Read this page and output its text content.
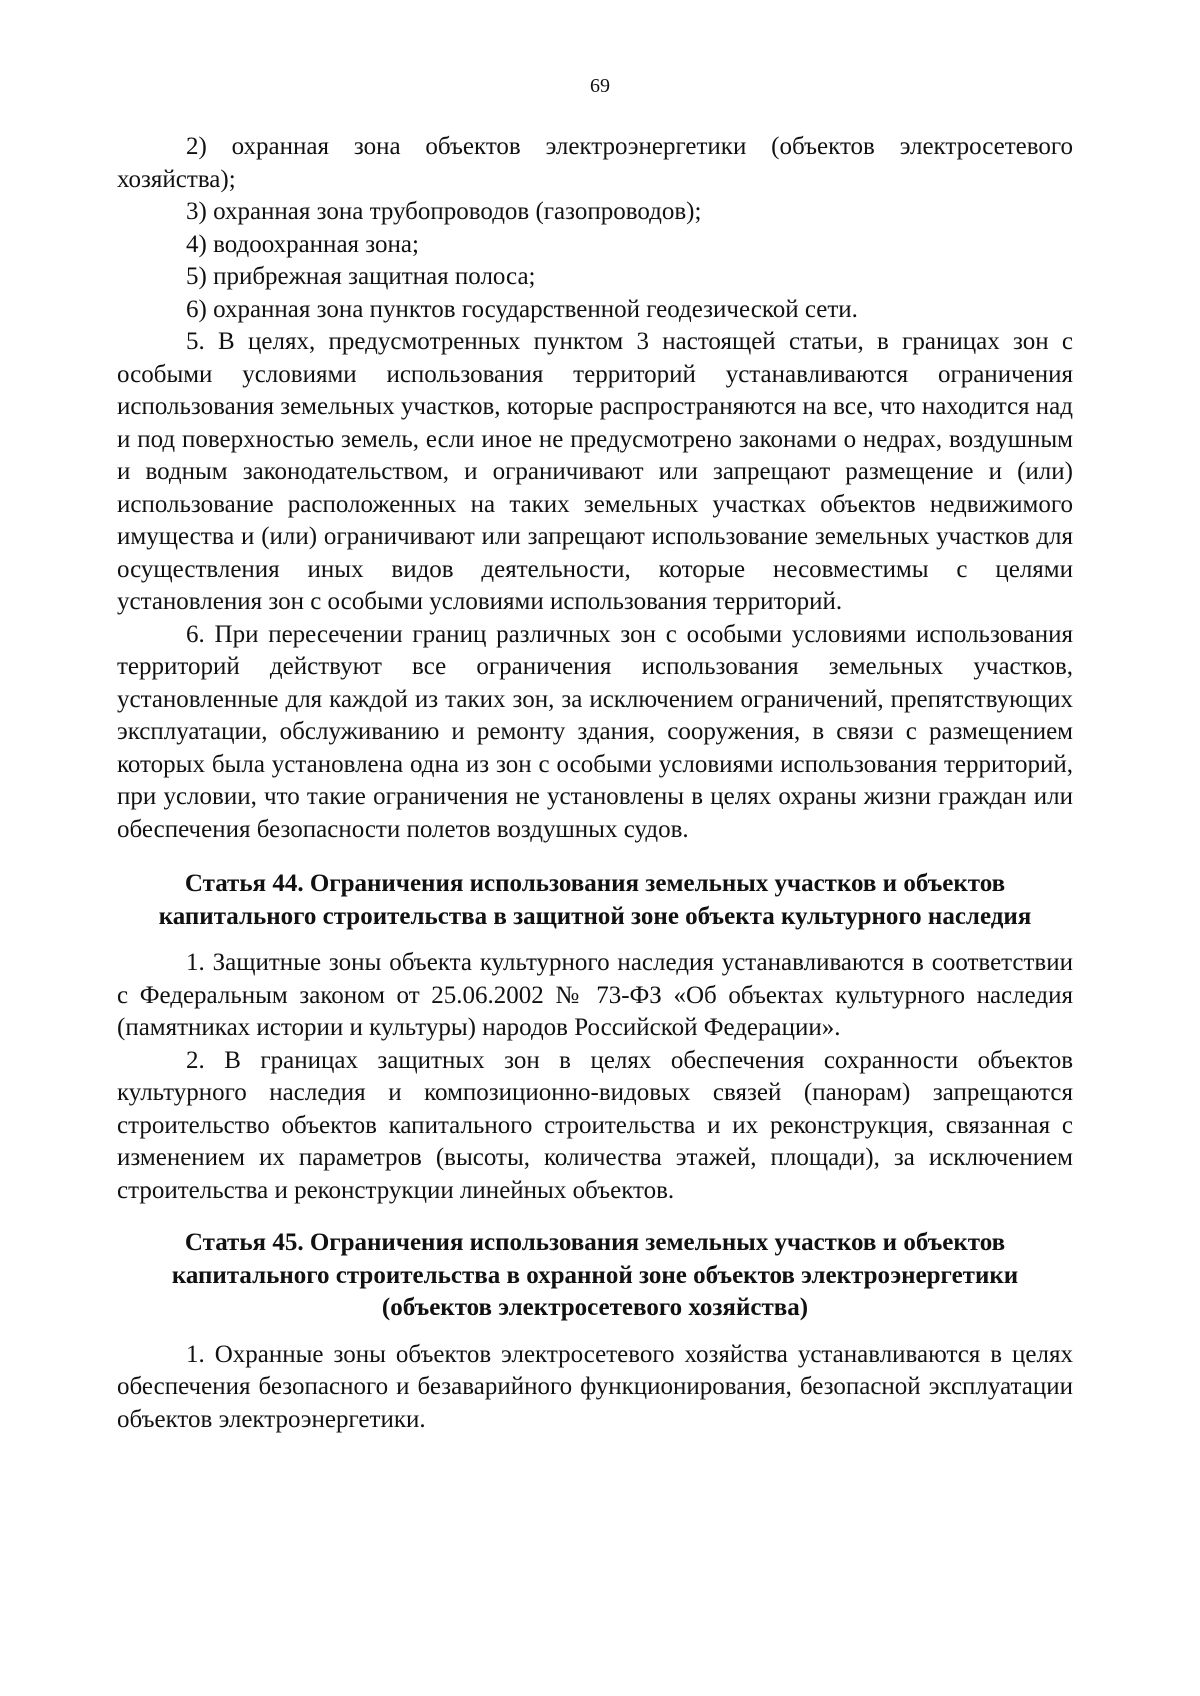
69

2) охранная зона объектов электроэнергетики (объектов электросетевого хозяйства);

3) охранная зона трубопроводов (газопроводов);

4) водоохранная зона;

5) прибрежная защитная полоса;

6) охранная зона пунктов государственной геодезической сети.

5. В целях, предусмотренных пунктом 3 настоящей статьи, в границах зон с особыми условиями использования территорий устанавливаются ограничения использования земельных участков, которые распространяются на все, что находится над и под поверхностью земель, если иное не предусмотрено законами о недрах, воздушным и водным законодательством, и ограничивают или запрещают размещение и (или) использование расположенных на таких земельных участках объектов недвижимого имущества и (или) ограничивают или запрещают использование земельных участков для осуществления иных видов деятельности, которые несовместимы с целями установления зон с особыми условиями использования территорий.

6. При пересечении границ различных зон с особыми условиями использования территорий действуют все ограничения использования земельных участков, установленные для каждой из таких зон, за исключением ограничений, препятствующих эксплуатации, обслуживанию и ремонту здания, сооружения, в связи с размещением которых была установлена одна из зон с особыми условиями использования территорий, при условии, что такие ограничения не установлены в целях охраны жизни граждан или обеспечения безопасности полетов воздушных судов.

Статья 44. Ограничения использования земельных участков и объектов
капитального строительства в защитной зоне объекта культурного наследия

1. Защитные зоны объекта культурного наследия устанавливаются в соответствии с Федеральным законом от 25.06.2002 № 73-ФЗ «Об объектах культурного наследия (памятниках истории и культуры) народов Российской Федерации».

2. В границах защитных зон в целях обеспечения сохранности объектов культурного наследия и композиционно-видовых связей (панорам) запрещаются строительство объектов капитального строительства и их реконструкция, связанная с изменением их параметров (высоты, количества этажей, площади), за исключением строительства и реконструкции линейных объектов.

Статья 45. Ограничения использования земельных участков и объектов
капитального строительства в охранной зоне объектов электроэнергетики
(объектов электросетевого хозяйства)

1. Охранные зоны объектов электросетевого хозяйства устанавливаются в целях обеспечения безопасного и безаварийного функционирования, безопасной эксплуатации объектов электроэнергетики.
